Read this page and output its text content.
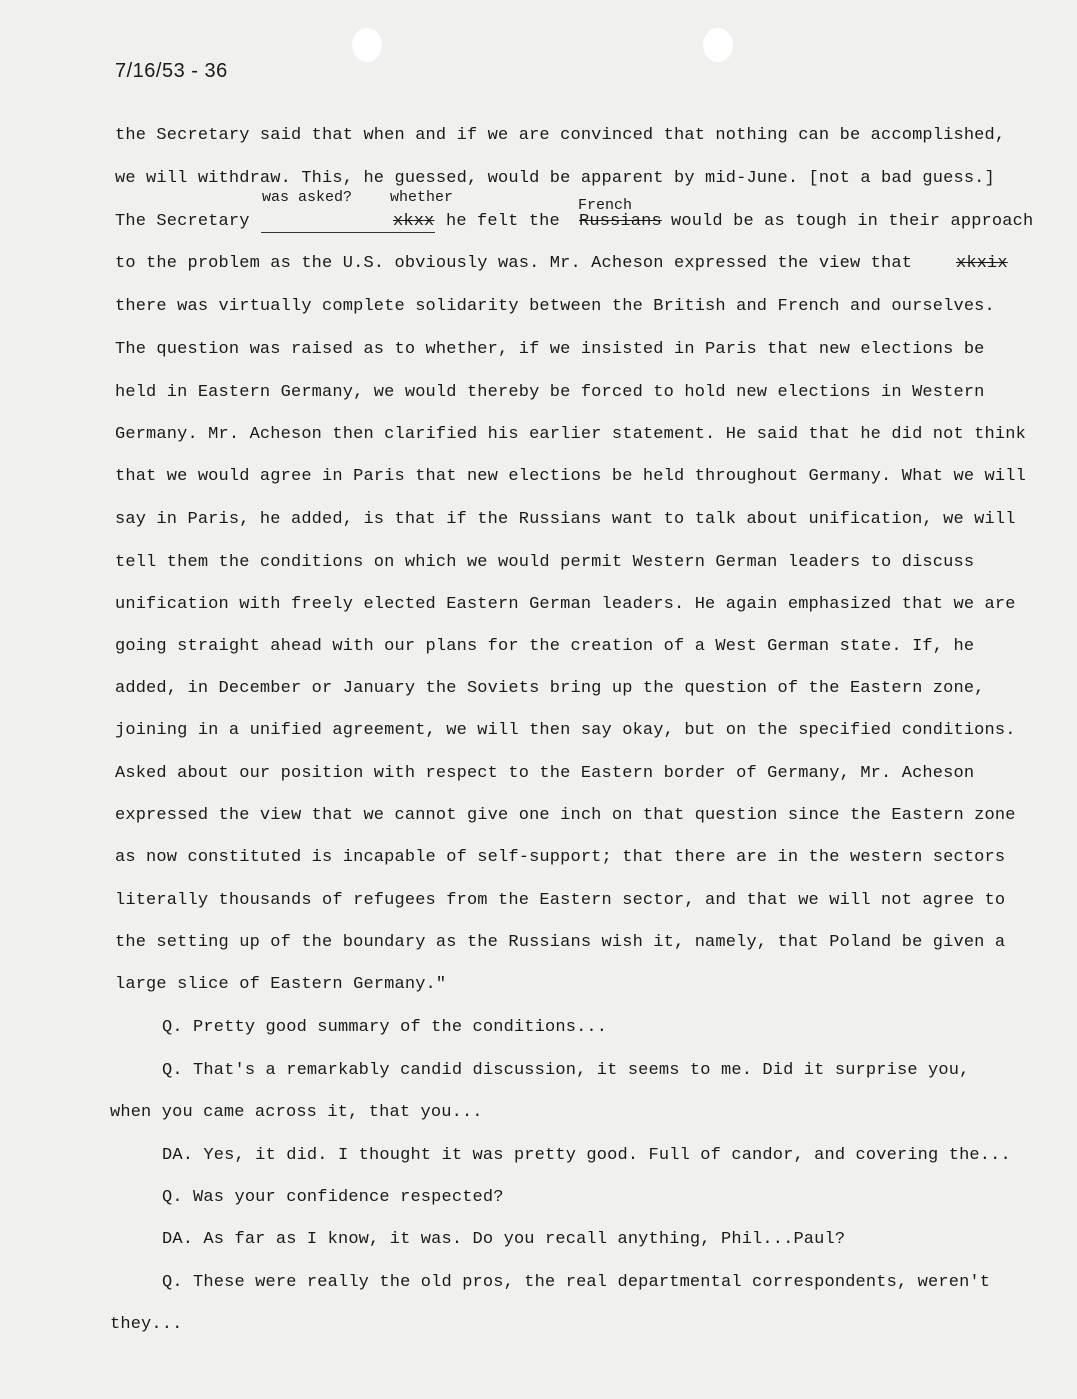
7/16/53 - 36
the Secretary said that when and if we are convinced that nothing can be accomplished,
we will withdraw. This, he guessed, would be apparent by mid-June. [not a bad guess.]
was asked?	whether	French
The Secretary	xkxx he felt the Russians would be as tough in their approach
to the problem as the U.S. obviously was. Mr. Acheson expressed the view that	xkxix
there was virtually complete solidarity between the British and French and ourselves.
The question was raised as to whether, if we insisted in Paris that new elections be
held in Eastern Germany, we would thereby be forced to hold new elections in Western
Germany. Mr. Acheson then clarified his earlier statement. He said that he did not think
that we would agree in Paris that new elections be held throughout Germany. What we will
say in Paris, he added, is that if the Russians want to talk about unification, we will
tell them the conditions on which we would permit Western German leaders to discuss
unification with freely elected Eastern German leaders. He again emphasized that we are
going straight ahead with our plans for the creation of a West German state. If, he
added, in December or January the Soviets bring up the question of the Eastern zone,
joining in a unified agreement, we will then say okay, but on the specified conditions.
Asked about our position with respect to the Eastern border of Germany, Mr. Acheson
expressed the view that we cannot give one inch on that question since the Eastern zone
as now constituted is incapable of self-support; that there are in the western sectors
literally thousands of refugees from the Eastern sector, and that we will not agree to
the setting up of the boundary as the Russians wish it, namely, that Poland be given a
large slice of Eastern Germany."
Q. Pretty good summary of the conditions...
Q. That's a remarkably candid discussion, it seems to me. Did it surprise you,
when you came across it, that you...
DA. Yes, it did. I thought it was pretty good. Full of candor, and covering the...
Q. Was your confidence respected?
DA. As far as I know, it was. Do you recall anything, Phil...Paul?
Q. These were really the old pros, the real departmental correspondents, weren't
they...
